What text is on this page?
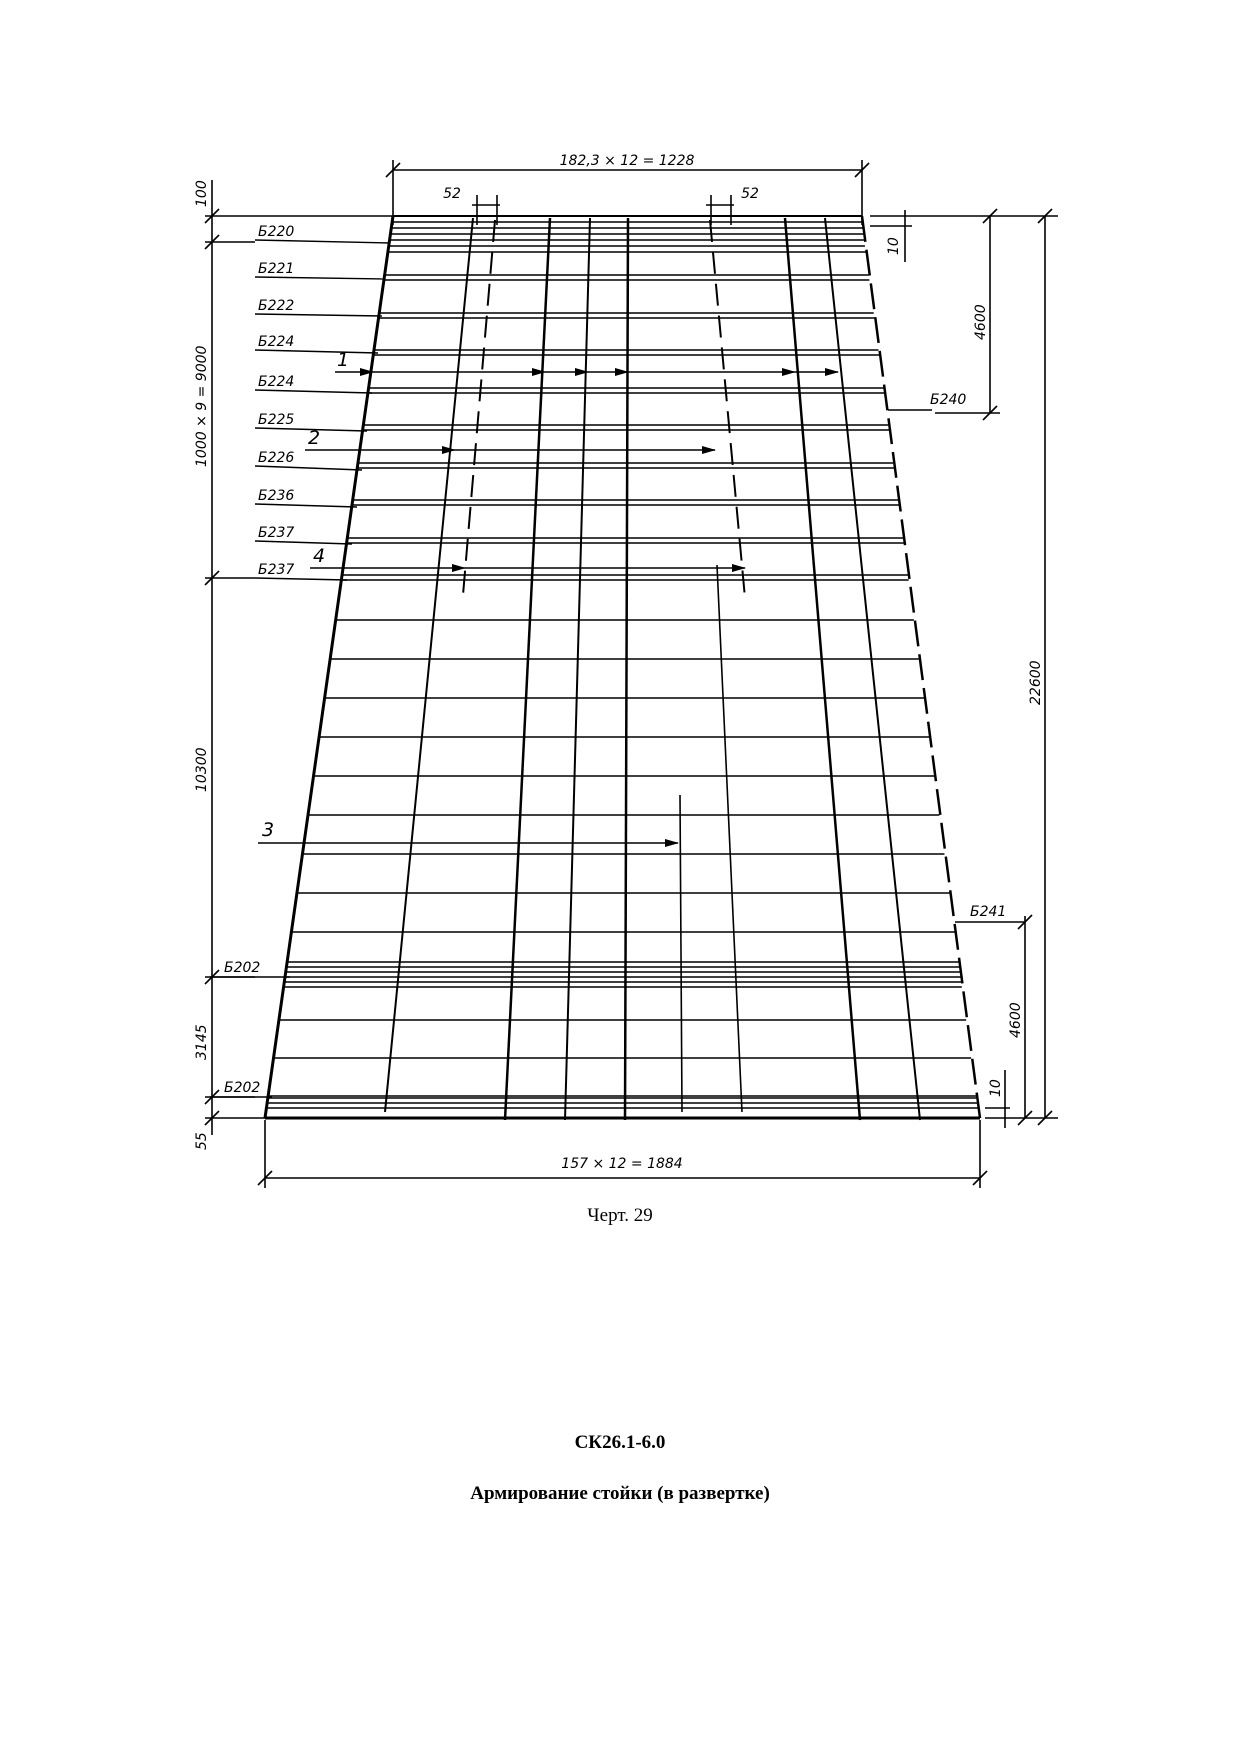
182,3 × 12 = 1228
157 × 12 = 1884
52	52
10
10
4600
4600
22600
100
1000 × 9 = 9000
10300
3145
55
Б220
Б221
Б222
Б224
Б224
Б225
Б226
Б236
Б237
Б237
Б202
Б202
Б240
Б241
1
2
3
4
Черт. 29
СК26.1-6.0
Армирование стойки (в развертке)
